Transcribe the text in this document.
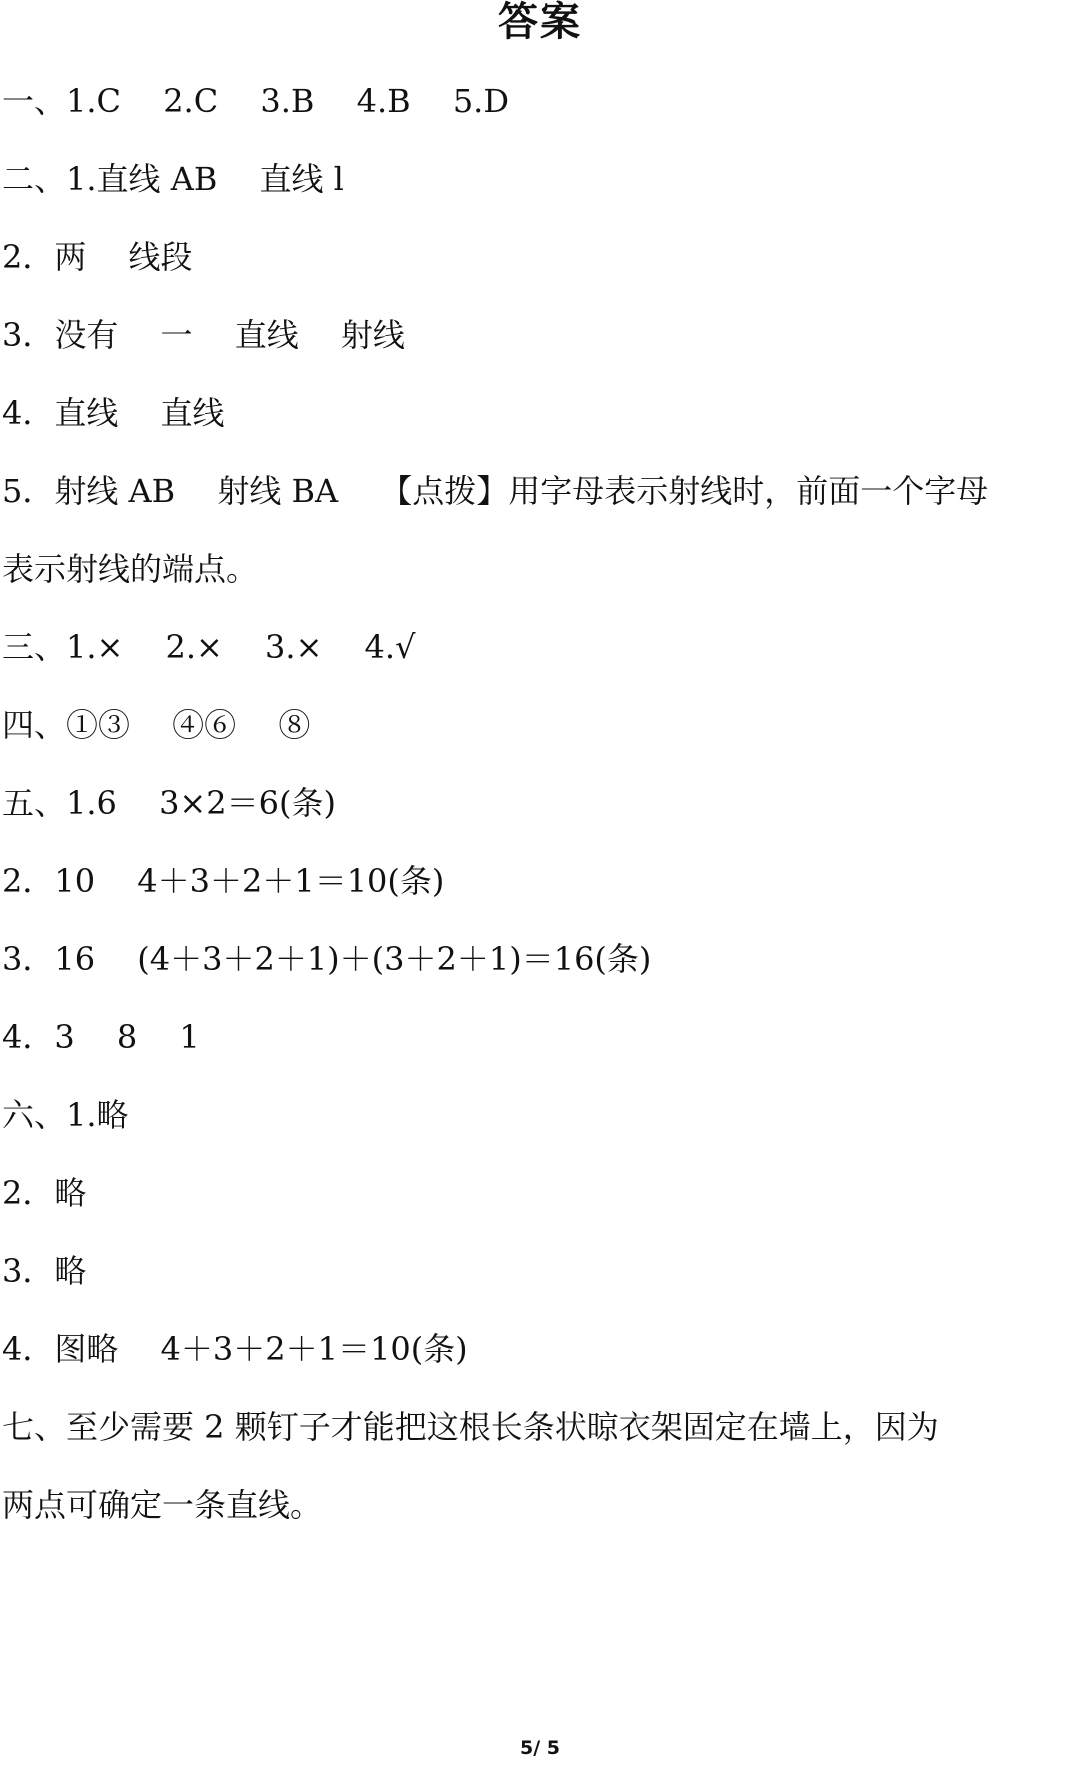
答案
一、1.C　 2.C　 3.B　 4.B　 5.D
二、1.直线 AB　 直线 l
2．两　 线段
3．没有　 一　 直线　 射线
4．直线　 直线
5．射线 AB　 射线 BA　 【点拨】用字母表示射线时，前面一个字母
表示射线的端点。
三、1.×　 2.×　 3.×　 4.√
四、①③　 ④⑥　 ⑧
五、1.6　 3×2＝6(条)
2．10　 4＋3＋2＋1＝10(条)
3．16　 (4＋3＋2＋1)＋(3＋2＋1)＝16(条)
4．3　 8　 1
六、1.略
2．略
3．略
4．图略　 4＋3＋2＋1＝10(条)
七、至少需要 2 颗钉子才能把这根长条状晾衣架固定在墙上，因为
两点可确定一条直线。
5/ 5
